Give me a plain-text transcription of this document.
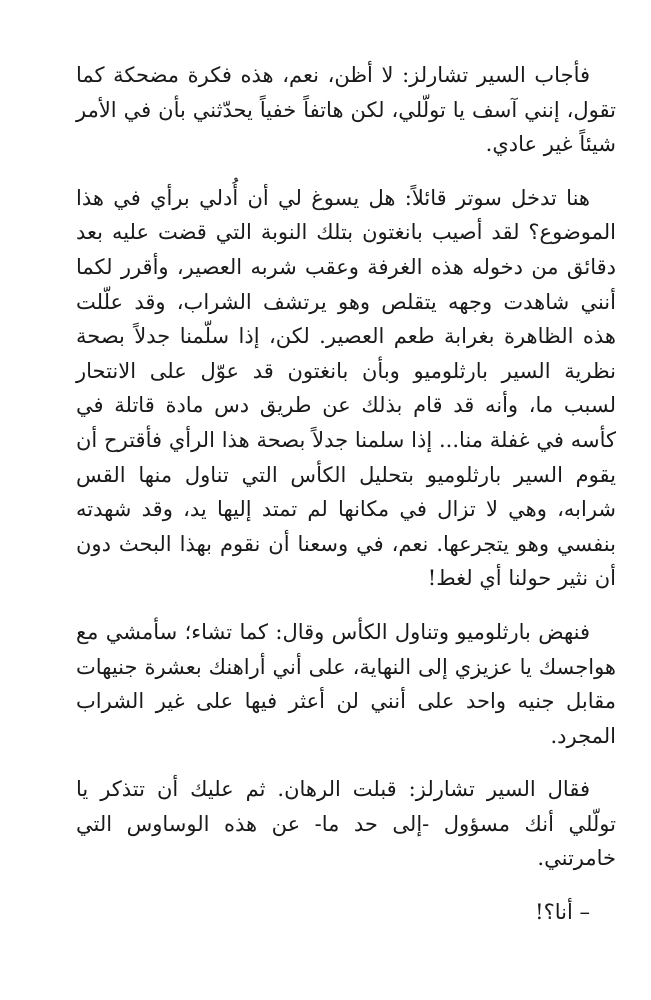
فأجاب السير تشارلز: لا أظن، نعم، هذه فكرة مضحكة كما تقول، إنني آسف يا تولّلي، لكن هاتفاً خفياً يحدّثني بأن في الأمر شيئاً غير عادي.

هنا تدخل سوتر قائلاً: هل يسوغ لي أن أُدلي برأي في هذا الموضوع؟ لقد أصيب بانغتون بتلك النوبة التي قضت عليه بعد دقائق من دخوله هذه الغرفة وعقب شربه العصير، وأقرر لكما أنني شاهدت وجهه يتقلص وهو يرتشف الشراب، وقد علّلت هذه الظاهرة بغرابة طعم العصير. لكن، إذا سلّمنا جدلاً بصحة نظرية السير بارثلوميو وبأن بانغتون قد عوّل على الانتحار لسبب ما، وأنه قد قام بذلك عن طريق دس مادة قاتلة في كأسه في غفلة منا... إذا سلمنا جدلاً بصحة هذا الرأي فأقترح أن يقوم السير بارثلوميو بتحليل الكأس التي تناول منها القس شرابه، وهي لا تزال في مكانها لم تمتد إليها يد، وقد شهدته بنفسي وهو يتجرعها. نعم، في وسعنا أن نقوم بهذا البحث دون أن نثير حولنا أي لغط!

فنهض بارثلوميو وتناول الكأس وقال: كما تشاء؛ سأمشي مع هواجسك يا عزيزي إلى النهاية، على أني أراهنك بعشرة جنيهات مقابل جنيه واحد على أنني لن أعثر فيها على غير الشراب المجرد.

فقال السير تشارلز: قبلت الرهان. ثم عليك أن تتذكر يا تولّلي أنك مسؤول -إلى حد ما- عن هذه الوساوس التي خامرتني.

– أنا؟!
